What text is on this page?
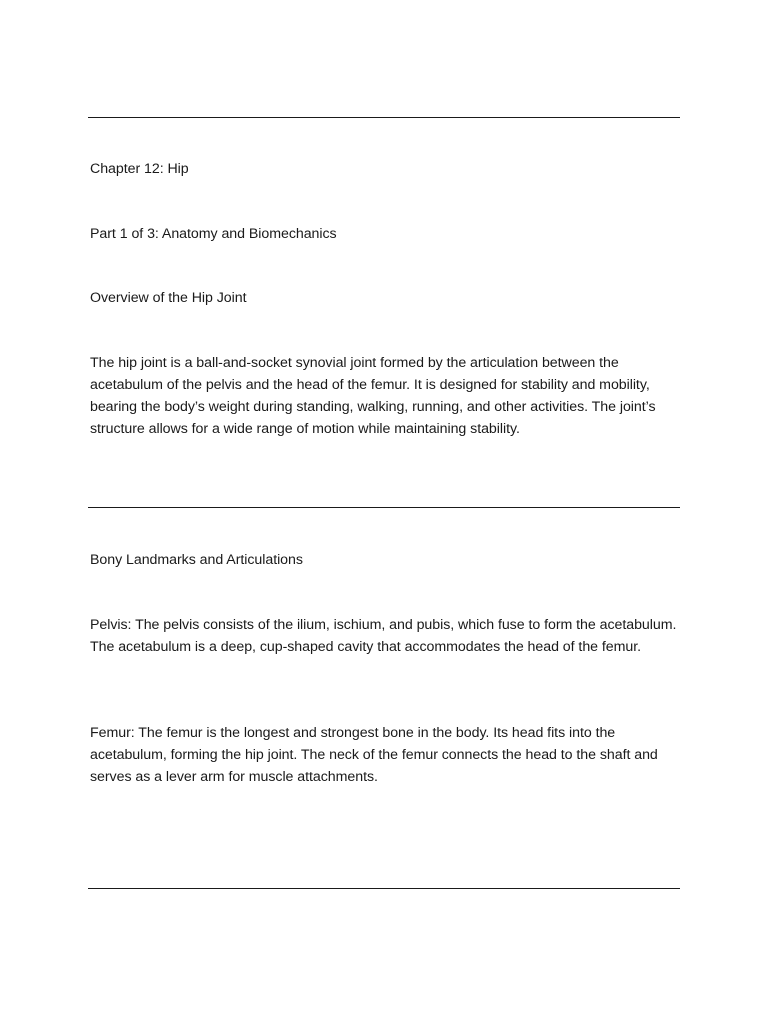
Chapter 12: Hip
Part 1 of 3: Anatomy and Biomechanics
Overview of the Hip Joint

The hip joint is a ball-and-socket synovial joint formed by the articulation between the acetabulum of the pelvis and the head of the femur. It is designed for stability and mobility, bearing the body’s weight during standing, walking, running, and other activities. The joint’s structure allows for a wide range of motion while maintaining stability.

Bony Landmarks and Articulations

Pelvis: The pelvis consists of the ilium, ischium, and pubis, which fuse to form the acetabulum. The acetabulum is a deep, cup-shaped cavity that accommodates the head of the femur.

Femur: The femur is the longest and strongest bone in the body. Its head fits into the acetabulum, forming the hip joint. The neck of the femur connects the head to the shaft and serves as a lever arm for muscle attachments.
